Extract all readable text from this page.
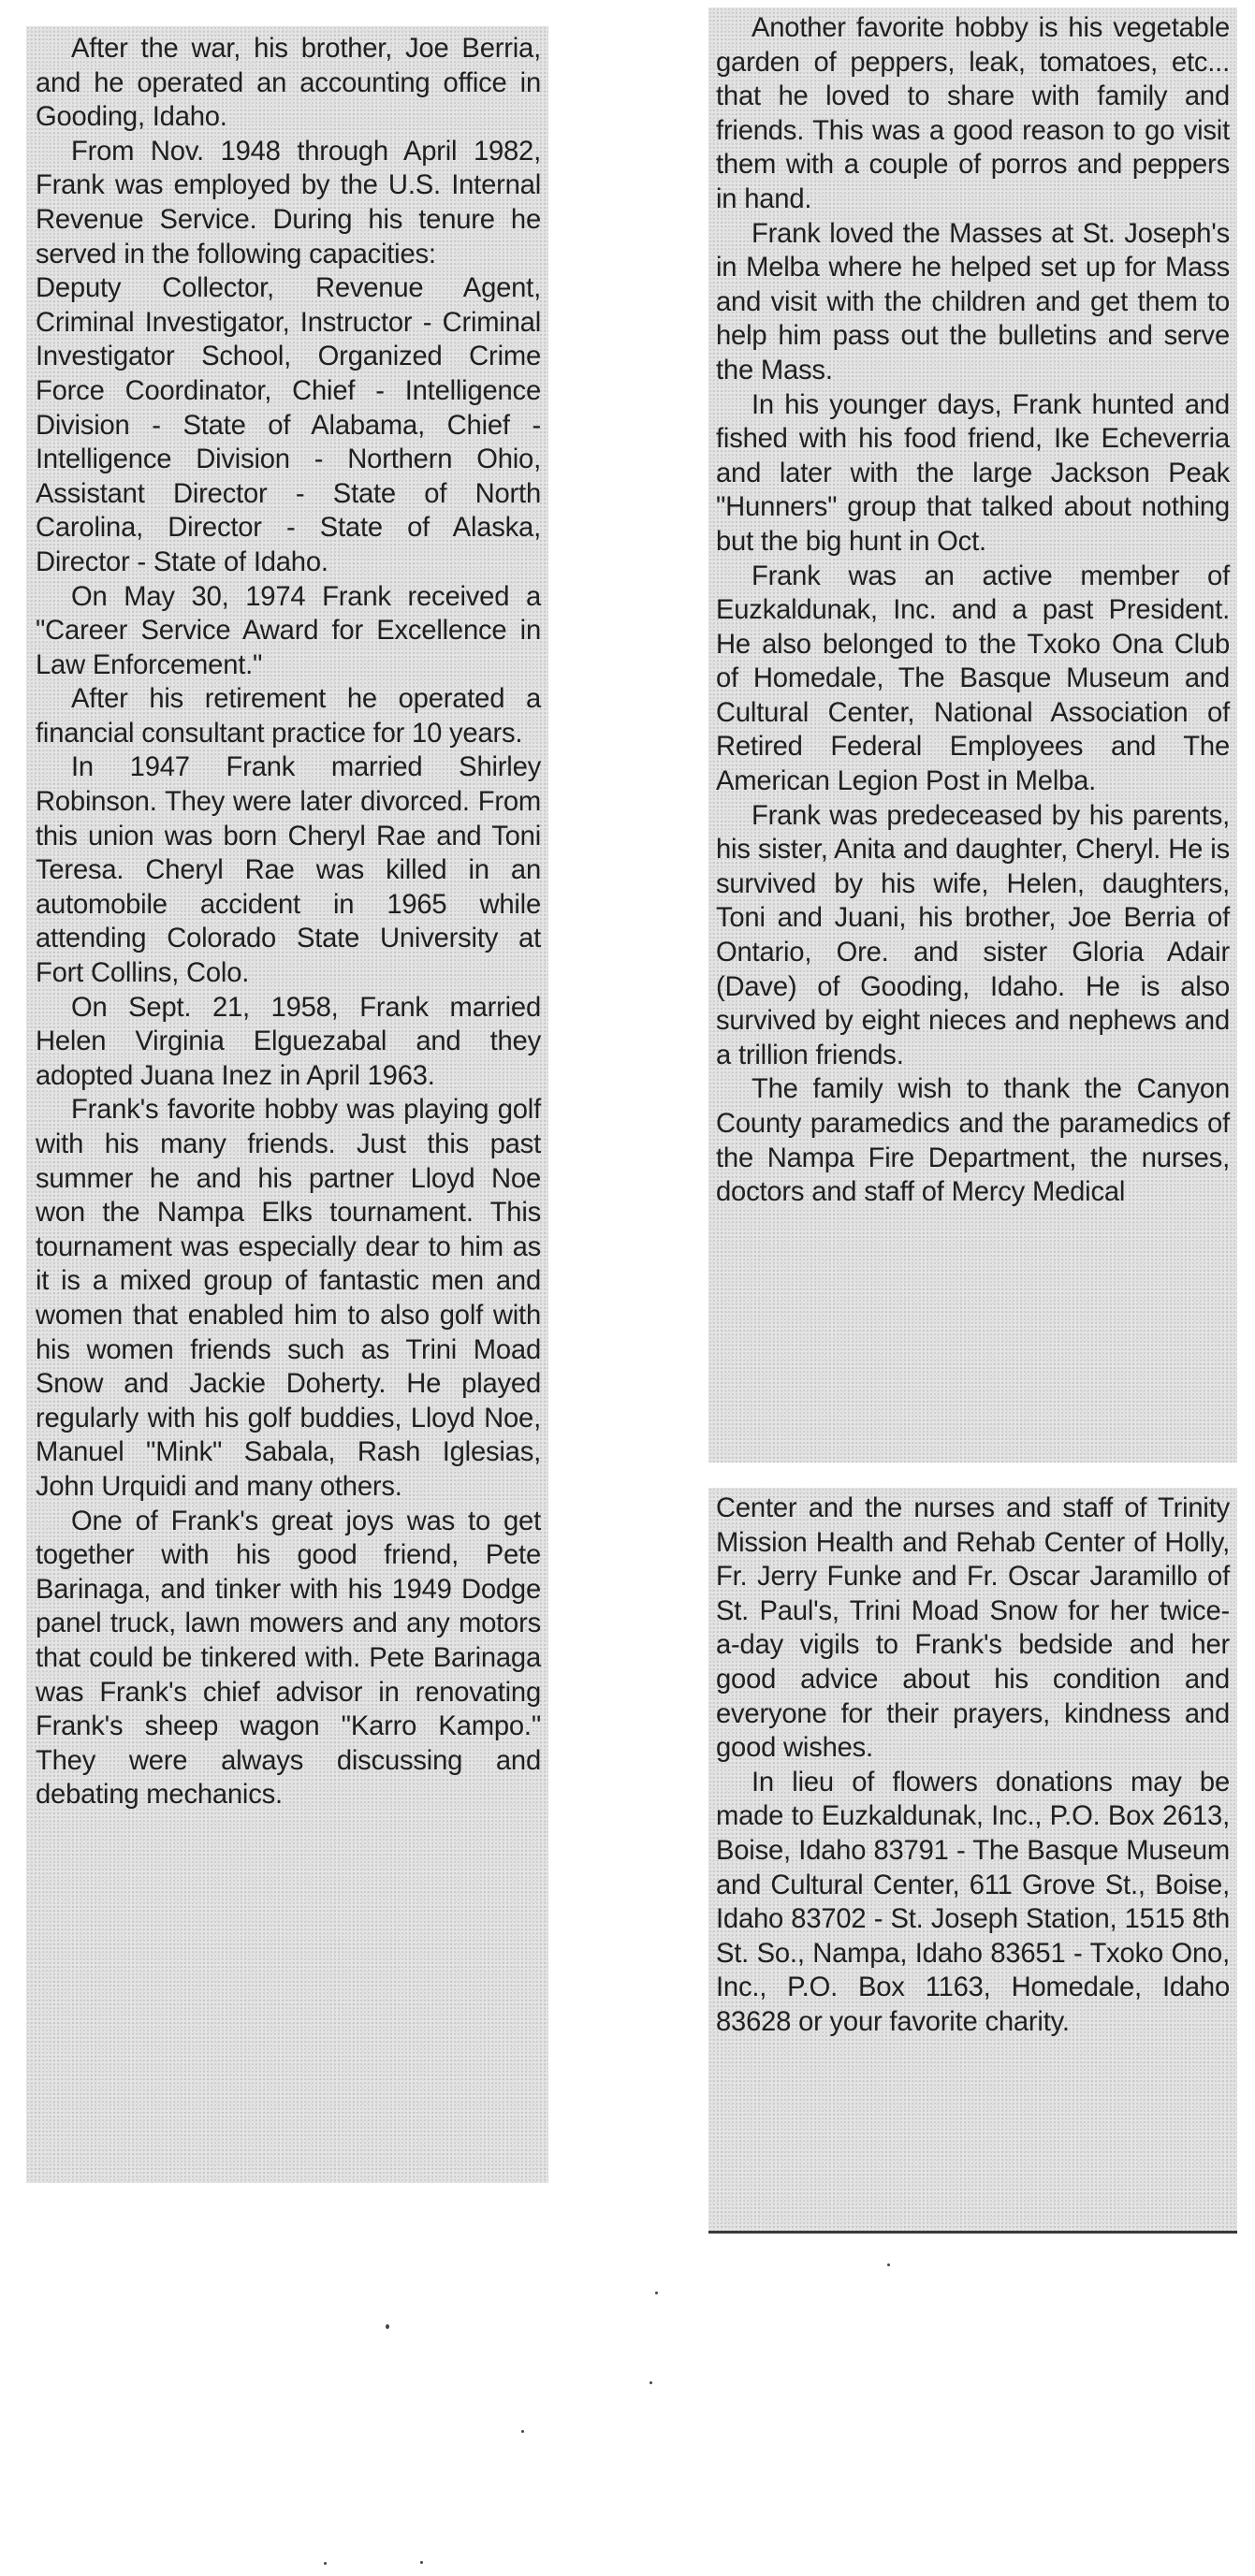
After the war, his brother, Joe Berria, and he operated an accounting office in Gooding, Idaho.

From Nov. 1948 through April 1982, Frank was employed by the U.S. Internal Revenue Service. During his tenure he served in the following capacities:
Deputy Collector, Revenue Agent, Criminal Investigator, Instructor - Criminal Investigator School, Organized Crime Force Coordinator, Chief - Intelligence Division - State of Alabama, Chief - Intelligence Division - Northern Ohio, Assistant Director - State of North Carolina, Director - State of Alaska, Director - State of Idaho.

On May 30, 1974 Frank received a "Career Service Award for Excellence in Law Enforcement."

After his retirement he operated a financial consultant practice for 10 years.

In 1947 Frank married Shirley Robinson. They were later divorced. From this union was born Cheryl Rae and Toni Teresa. Cheryl Rae was killed in an automobile accident in 1965 while attending Colorado State University at Fort Collins, Colo.

On Sept. 21, 1958, Frank married Helen Virginia Elguezabal and they adopted Juana Inez in April 1963.

Frank's favorite hobby was playing golf with his many friends. Just this past summer he and his partner Lloyd Noe won the Nampa Elks tournament. This tournament was especially dear to him as it is a mixed group of fantastic men and women that enabled him to also golf with his women friends such as Trini Moad Snow and Jackie Doherty. He played regularly with his golf buddies, Lloyd Noe, Manuel "Mink" Sabala, Rash Iglesias, John Urquidi and many others.

One of Frank's great joys was to get together with his good friend, Pete Barinaga, and tinker with his 1949 Dodge panel truck, lawn mowers and any motors that could be tinkered with. Pete Barinaga was Frank's chief advisor in renovating Frank's sheep wagon "Karro Kampo." They were always discussing and debating mechanics.

Another favorite hobby is his vegetable garden of peppers, leak, tomatoes, etc... that he loved to share with family and friends. This was a good reason to go visit them with a couple of porros and peppers in hand.

Frank loved the Masses at St. Joseph's in Melba where he helped set up for Mass and visit with the children and get them to help him pass out the bulletins and serve the Mass.

In his younger days, Frank hunted and fished with his food friend, Ike Echeverria and later with the large Jackson Peak "Hunners" group that talked about nothing but the big hunt in Oct.

Frank was an active member of Euzkaldunak, Inc. and a past President. He also belonged to the Txoko Ona Club of Homedale, The Basque Museum and Cultural Center, National Association of Retired Federal Employees and The American Legion Post in Melba.

Frank was predeceased by his parents, his sister, Anita and daughter, Cheryl. He is survived by his wife, Helen, daughters, Toni and Juani, his brother, Joe Berria of Ontario, Ore. and sister Gloria Adair (Dave) of Gooding, Idaho. He is also survived by eight nieces and nephews and a trillion friends.

The family wish to thank the Canyon County paramedics and the paramedics of the Nampa Fire Department, the nurses, doctors and staff of Mercy Medical

Center and the nurses and staff of Trinity Mission Health and Rehab Center of Holly, Fr. Jerry Funke and Fr. Oscar Jaramillo of St. Paul's, Trini Moad Snow for her twice-a-day vigils to Frank's bedside and her good advice about his condition and everyone for their prayers, kindness and good wishes.

In lieu of flowers donations may be made to Euzkaldunak, Inc., P.O. Box 2613, Boise, Idaho 83791 - The Basque Museum and Cultural Center, 611 Grove St., Boise, Idaho 83702 - St. Joseph Station, 1515 8th St. So., Nampa, Idaho 83651 - Txoko Ono, Inc., P.O. Box 1163, Homedale, Idaho 83628 or your favorite charity.
